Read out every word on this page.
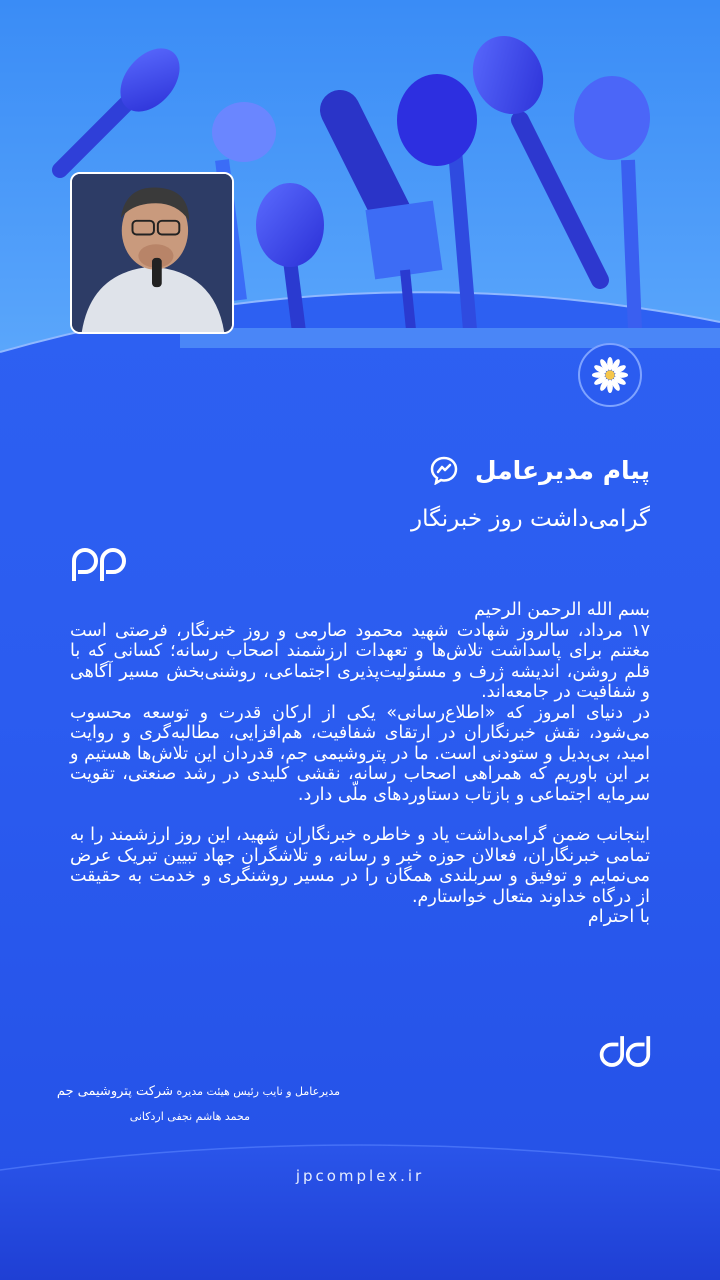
پیام مدیرعامل
گرامی‌داشت روز خبرنگار

بسم الله الرحمن الرحیم

۱۷ مرداد، سالروز شهادت شهید محمود صارمی و روز خبرنگار، فرصتی است مغتنم برای پاسداشت تلاش‌ها و تعهدات ارزشمند اصحاب رسانه؛ کسانی که با قلم روشن، اندیشه ژرف و مسئولیت‌پذیری اجتماعی، روشنی‌بخش مسیر آگاهی و شفافیت در جامعه‌اند.

در دنیای امروز که «اطلاع‌رسانی» یکی از ارکان قدرت و توسعه محسوب می‌شود، نقش خبرنگاران در ارتقای شفافیت، هم‌افزایی، مطالبه‌گری و روایت امید، بی‌بدیل و ستودنی است. ما در پتروشیمی جم، قدردان این تلاش‌ها هستیم و بر این باوریم که همراهی اصحاب رسانه، نقشی کلیدی در رشد صنعتی، تقویت سرمایه اجتماعی و بازتاب دستاوردهای ملّی دارد.

اینجانب ضمن گرامی‌داشت یاد و خاطره خبرنگاران شهید، این روز ارزشمند را به تمامی خبرنگاران، فعالان حوزه خبر و رسانه، و تلاشگران جهاد تبیین تبریک عرض می‌نمایم و توفیق و سربلندی همگان را در مسیر روشنگری و خدمت به حقیقت از درگاه خداوند متعال خواستارم.

با احترام

مدیرعامل و نایب رئیس هیئت مدیره شرکت پتروشیمی جم
محمد هاشم نجفی اردکانی
jpcomplex.ir
